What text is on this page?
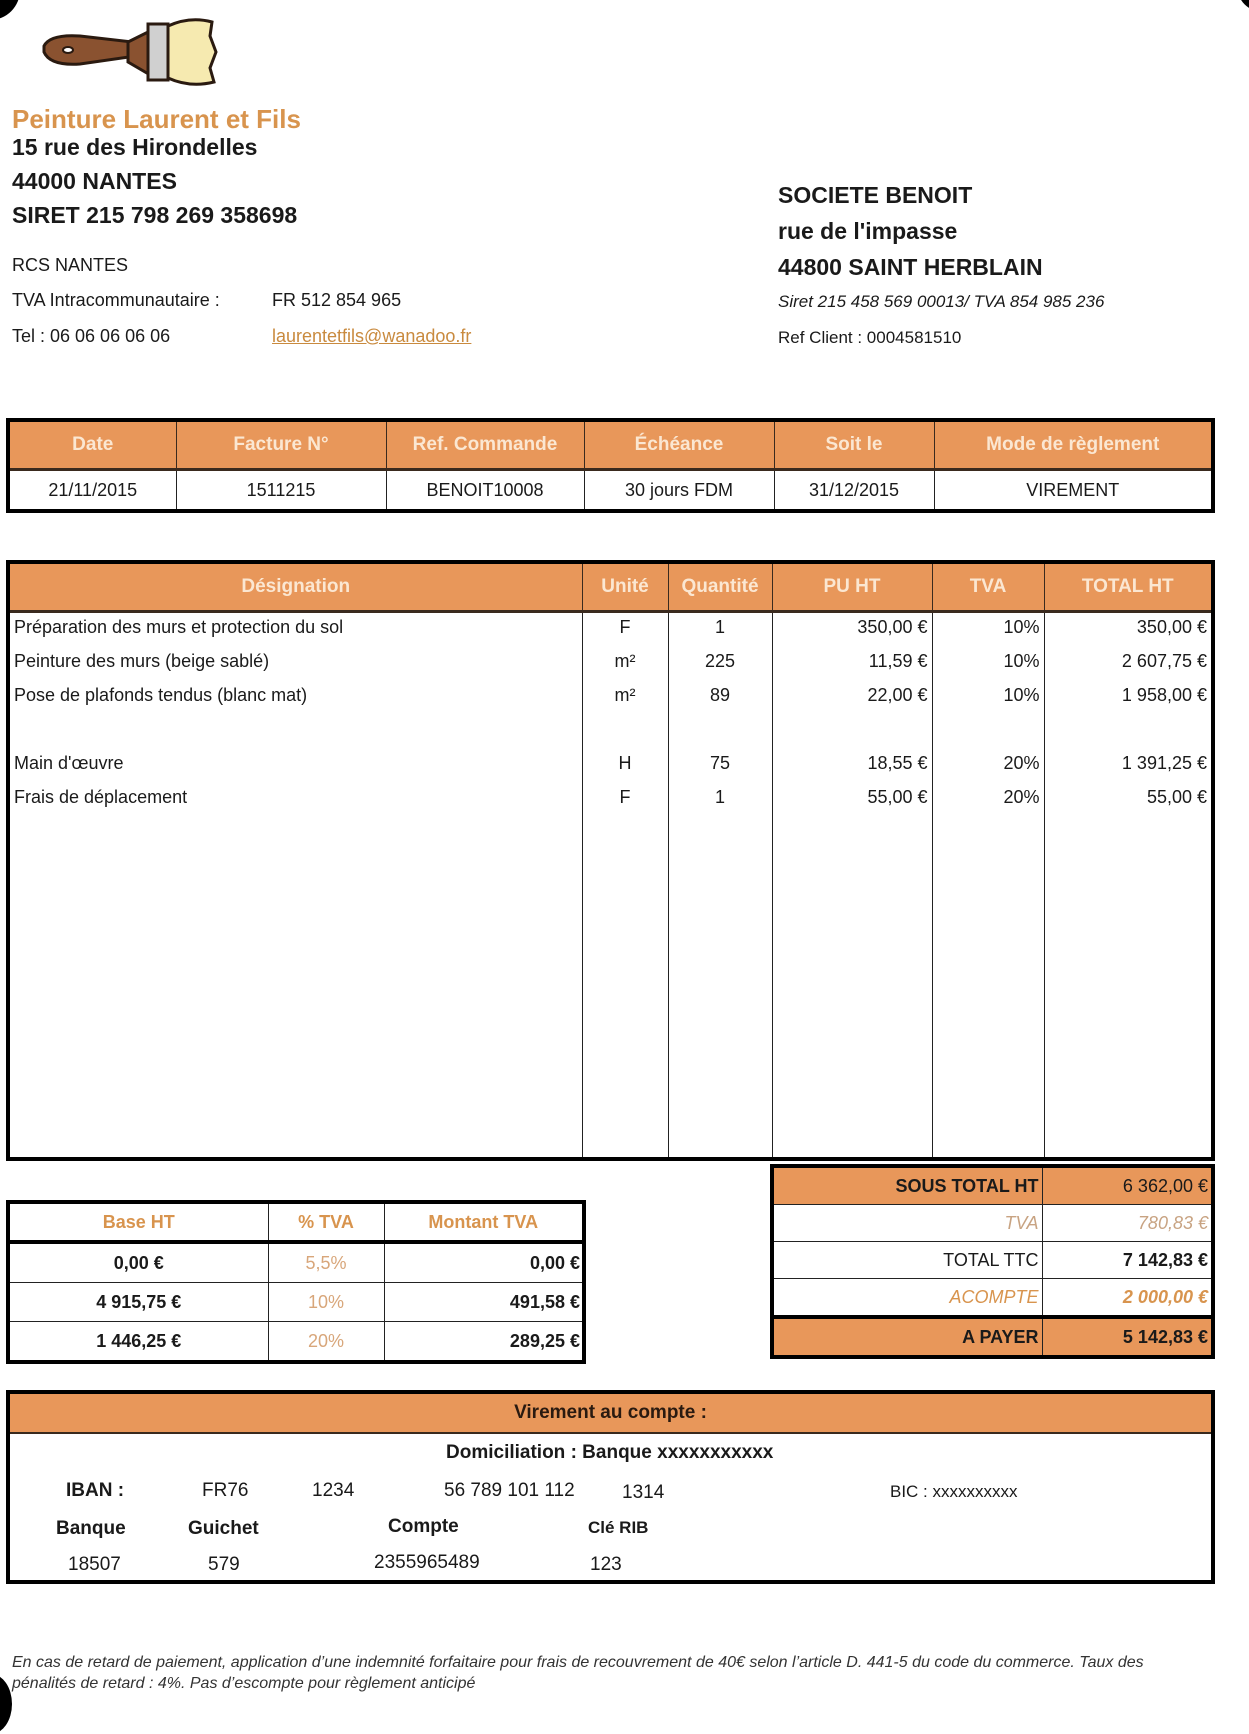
Peinture Laurent et Fils
15 rue des Hirondelles
44000 NANTES
SIRET 215 798 269 358698
RCS NANTES
TVA Intracommunautaire :	FR 512 854 965
Tel : 06 06 06 06 06	laurentetfils@wanadoo.fr
SOCIETE BENOIT
rue de l'impasse
44800 SAINT HERBLAIN
Siret 215 458 569 00013/ TVA 854 985 236
Ref Client : 0004581510
Date	Facture N°	Ref. Commande	Échéance	Soit le	Mode de règlement
21/11/2015	1511215	BENOIT10008	30 jours FDM	31/12/2015	VIREMENT
Désignation	Unité	Quantité	PU HT	TVA	TOTAL HT
Préparation des murs et protection du sol	F	1	350,00 €	10%	350,00 €
Peinture des murs (beige sablé)	m²	225	11,59 €	10%	2 607,75 €
Pose de plafonds tendus (blanc mat)	m²	89	22,00 €	10%	1 958,00 €

Main d'œuvre	H	75	18,55 €	20%	1 391,25 €
Frais de déplacement	F	1	55,00 €	20%	55,00 €

Base HT	% TVA	Montant TVA
0,00 €	5,5%	0,00 €
4 915,75 €	10%	491,58 €
1 446,25 €	20%	289,25 €
SOUS TOTAL HT	6 362,00 €
TVA	780,83 €
TOTAL TTC	7 142,83 €
ACOMPTE	2 000,00 €
A PAYER	5 142,83 €
Virement au compte :
Domiciliation : Banque xxxxxxxxxxx
IBAN :	FR76	1234	56 789 101 112 1314	BIC : xxxxxxxxxx
Banque	Guichet	Compte	Clé RIB
18507	579	2355965489	123
En cas de retard de paiement, application d’une indemnité forfaitaire pour frais de recouvrement de 40€ selon l’article D. 441-5 du code du commerce. Taux des pénalités de retard : 4%. Pas d’escompte pour règlement anticipé
